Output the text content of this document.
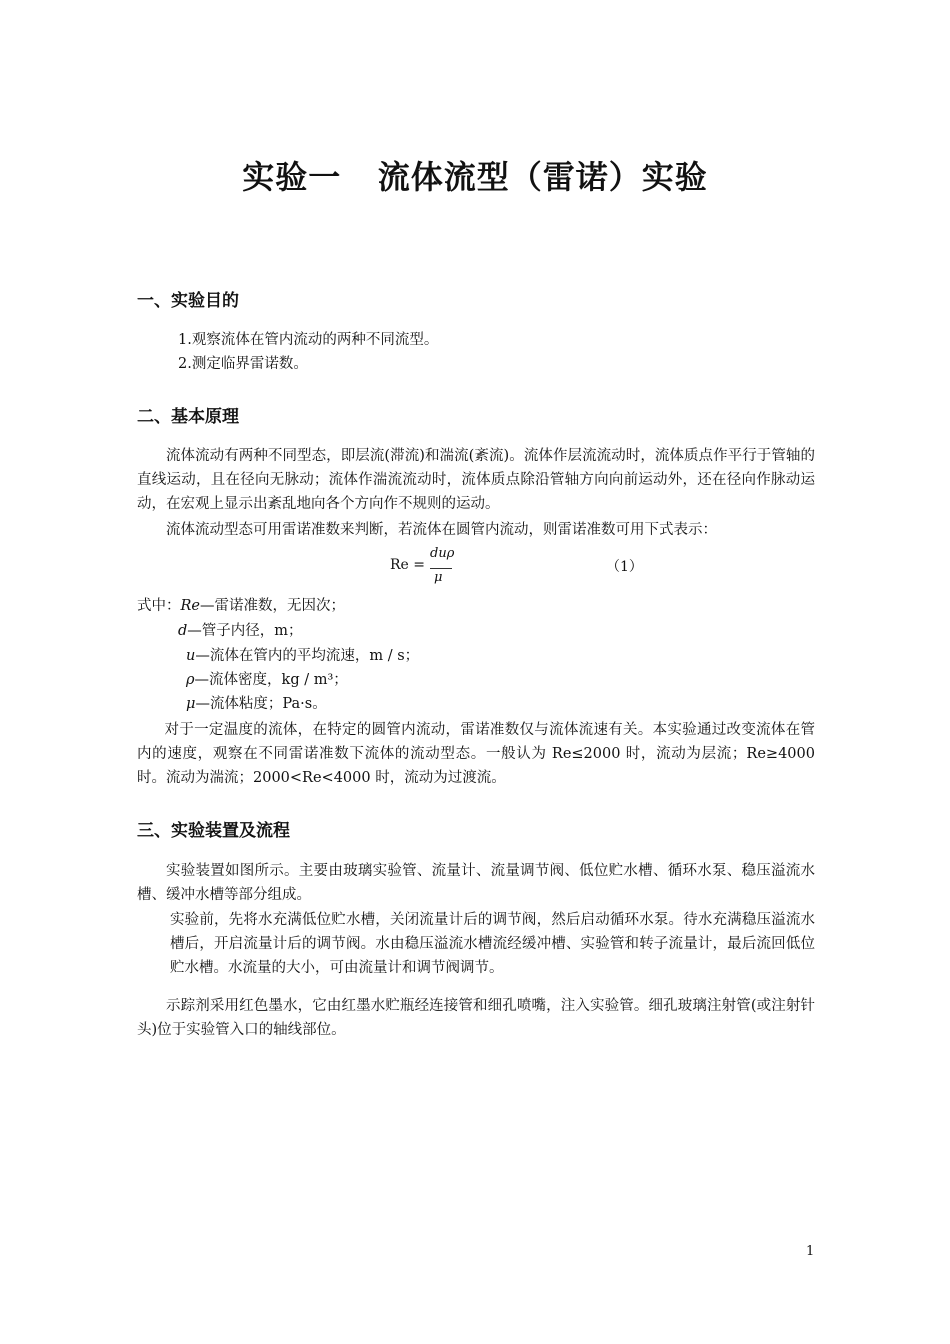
实验一   流体流型（雷诺）实验
一、实验目的
1.观察流体在管内流动的两种不同流型。
2.测定临界雷诺数。
二、基本原理
流体流动有两种不同型态，即层流(滞流)和湍流(紊流)。流体作层流流动时，流体质点作平行于管轴的直线运动，且在径向无脉动；流体作湍流流动时，流体质点除沿管轴方向向前运动外，还在径向作脉动运动，在宏观上显示出紊乱地向各个方向作不规则的运动。
流体流动型态可用雷诺准数来判断，若流体在圆管内流动，则雷诺准数可用下式表示：
Re =
duρ
μ
（1）
式中：Re—雷诺准数，无因次；
d—管子内径，m；
u—流体在管内的平均流速，m / s；
ρ—流体密度，kg / m³；
μ—流体粘度；Pa·s。
对于一定温度的流体，在特定的圆管内流动，雷诺准数仅与流体流速有关。本实验通过改变流体在管内的速度，观察在不同雷诺准数下流体的流动型态。一般认为 Re≤2000 时，流动为层流；Re≥4000 时。流动为湍流；2000<Re<4000 时，流动为过渡流。
三、实验装置及流程
实验装置如图所示。主要由玻璃实验管、流量计、流量调节阀、低位贮水槽、循环水泵、稳压溢流水槽、缓冲水槽等部分组成。
实验前，先将水充满低位贮水槽，关闭流量计后的调节阀，然后启动循环水泵。待水充满稳压溢流水槽后，开启流量计后的调节阀。水由稳压溢流水槽流经缓冲槽、实验管和转子流量计，最后流回低位贮水槽。水流量的大小，可由流量计和调节阀调节。
示踪剂采用红色墨水，它由红墨水贮瓶经连接管和细孔喷嘴，注入实验管。细孔玻璃注射管(或注射针头)位于实验管入口的轴线部位。
1
